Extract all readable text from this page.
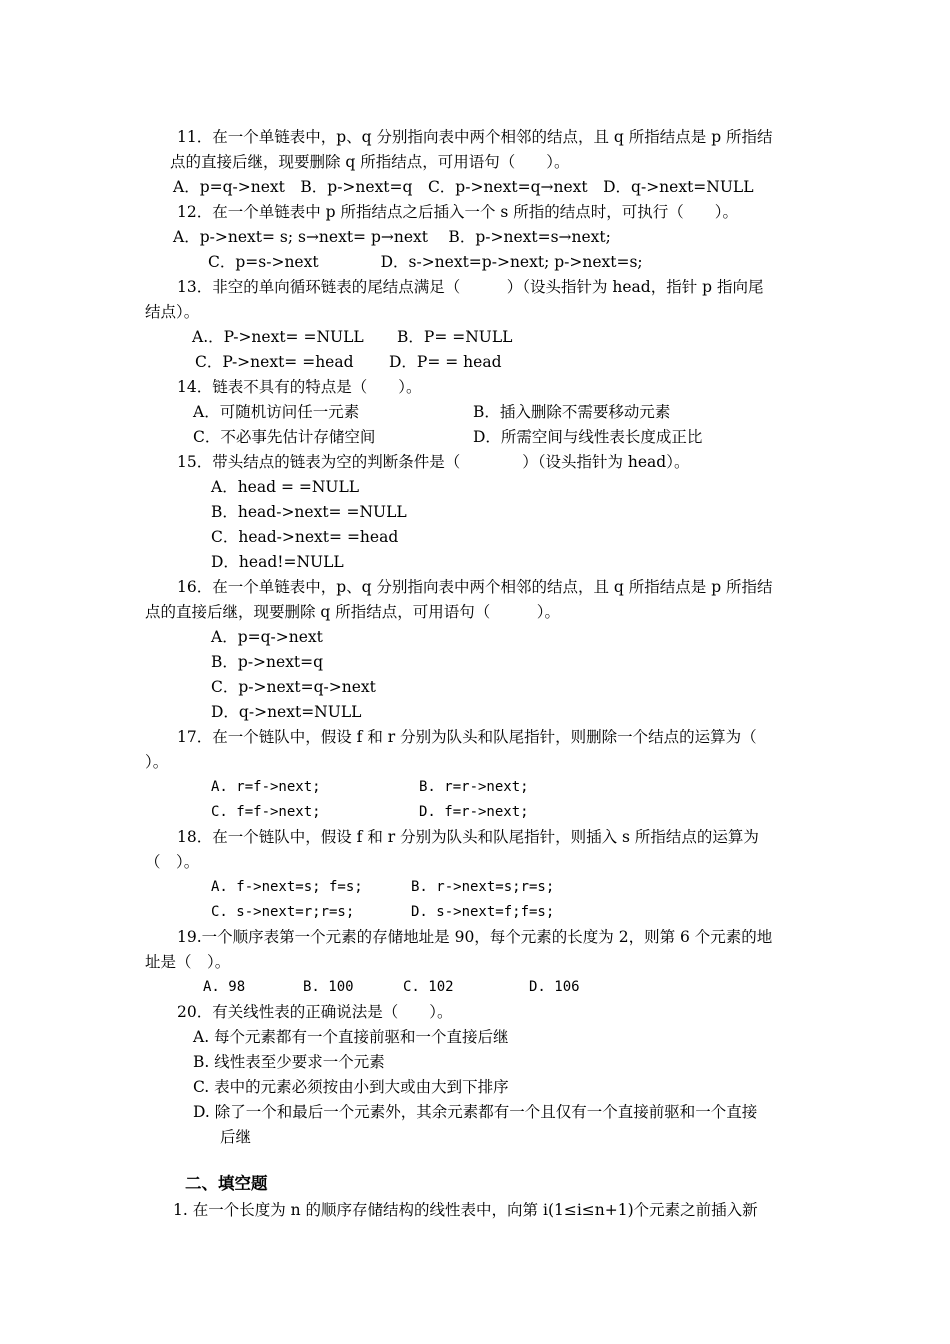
11．在一个单链表中，p、q 分别指向表中两个相邻的结点，且 q 所指结点是 p 所指结
点的直接后继，现要删除 q 所指结点，可用语句（　　）。
A．p=q->next　B．p->next=q　C．p->next=q→next　D．q->next=NULL
12．在一个单链表中 p 所指结点之后插入一个 s 所指的结点时，可执行（　　）。
A．p->next= s; s→next= p→next　 B．p->next=s→next;
C．p=s->next　　　　D．s->next=p->next; p->next=s;
13．非空的单向循环链表的尾结点满足（　　　）（设头指针为 head，指针 p 指向尾
结点）。
A.．P->next= =NULL B．P= =NULL
C．P->next= =head D．P= = head
14．链表不具有的特点是（　　）。
A．可随机访问任一元素	B．插入删除不需要移动元素
C．不必事先估计存储空间	D．所需空间与线性表长度成正比
15．带头结点的链表为空的判断条件是（　　　　）（设头指针为 head）。
A．head = =NULL
B．head->next= =NULL
C．head->next= =head
D．head!=NULL
16．在一个单链表中，p、q 分别指向表中两个相邻的结点，且 q 所指结点是 p 所指结
点的直接后继，现要删除 q 所指结点，可用语句（　　　）。
A．p=q->next
B．p->next=q
C．p->next=q->next
D．q->next=NULL
17．在一个链队中，假设 f 和 r 分别为队头和队尾指针，则删除一个结点的运算为（
）。
A. r=f->next;	B. r=r->next;
C. f=f->next;	D. f=r->next;
18．在一个链队中，假设 f 和 r 分别为队头和队尾指针，则插入 s 所指结点的运算为
（　）。
A. f->next=s; f=s;	B. r->next=s;r=s;
C. s->next=r;r=s;	D. s->next=f;f=s;
19.一个顺序表第一个元素的存储地址是 90，每个元素的长度为 2，则第 6 个元素的地
址是（　）。
A. 98	B. 100	C. 102	D. 106
20．有关线性表的正确说法是（　　）。
A. 每个元素都有一个直接前驱和一个直接后继
B. 线性表至少要求一个元素
C. 表中的元素必须按由小到大或由大到下排序
D. 除了一个和最后一个元素外，其余元素都有一个且仅有一个直接前驱和一个直接
后继
二、填空题
1. 在一个长度为 n 的顺序存储结构的线性表中，向第 i(1≤i≤n+1)个元素之前插入新
